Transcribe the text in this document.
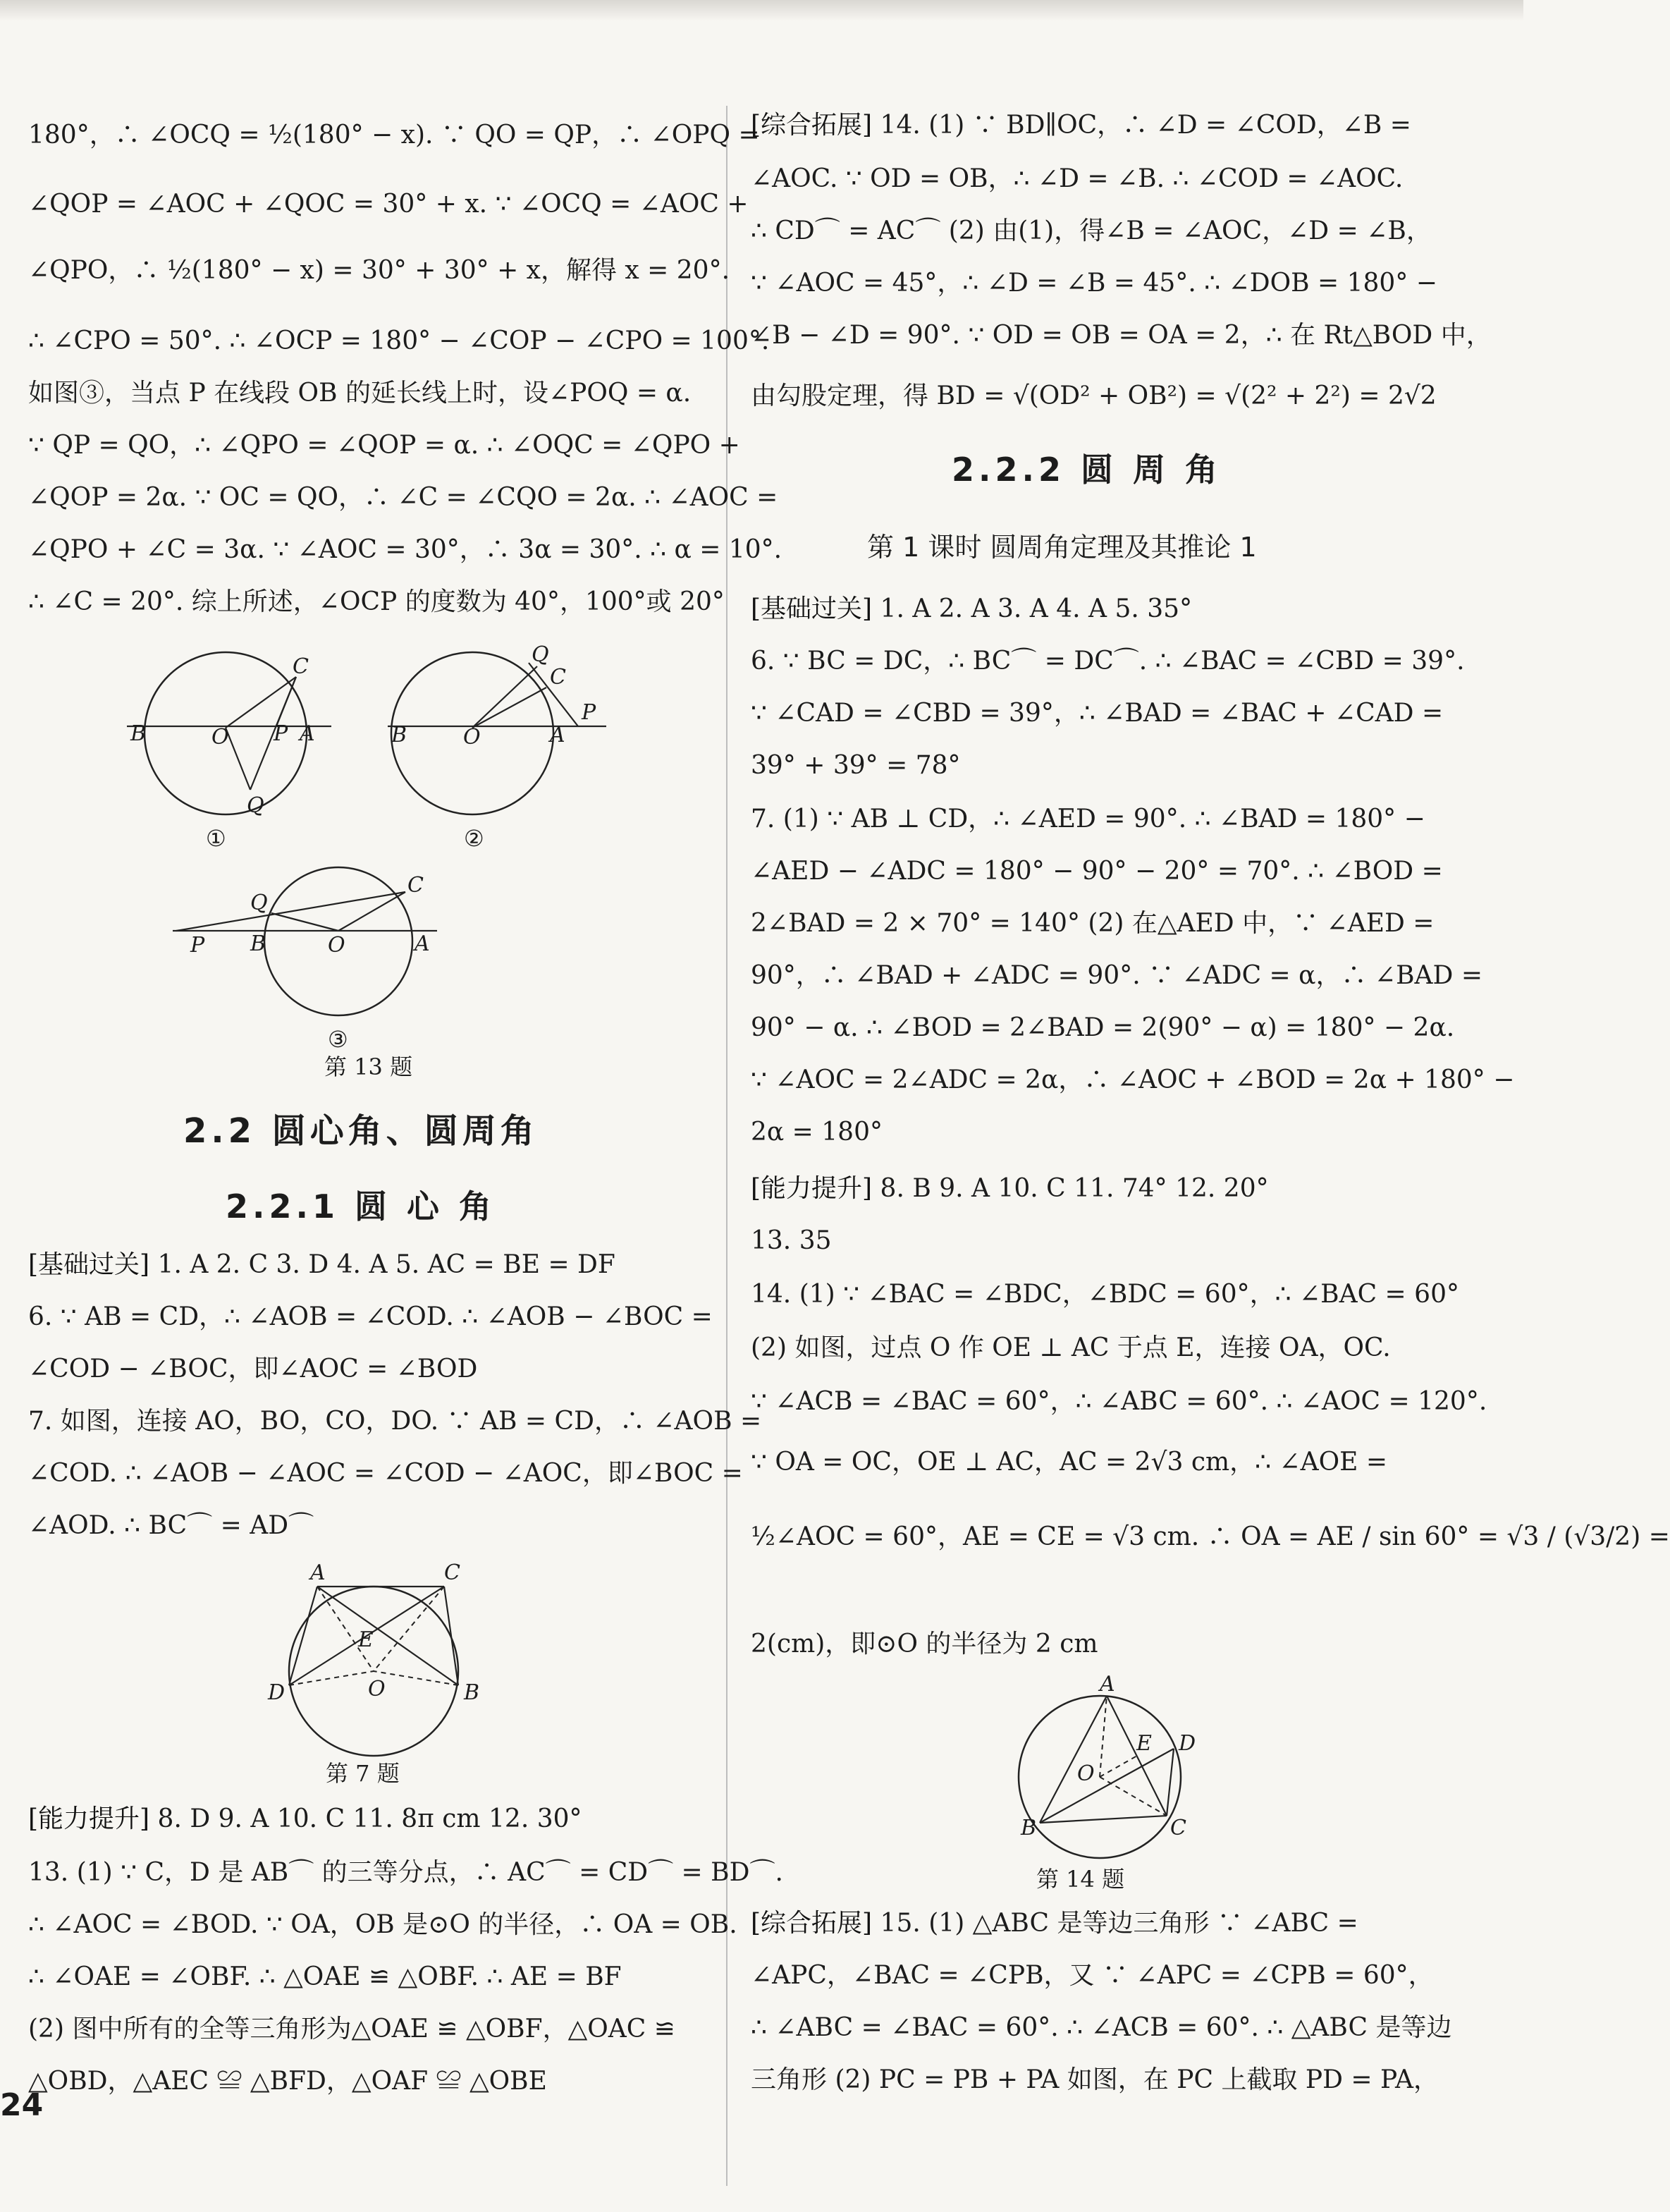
180°，∴ ∠OCQ = ½(180° − x). ∵ QO = QP，∴ ∠OPQ =
∠QOP = ∠AOC + ∠QOC = 30° + x. ∵ ∠OCQ = ∠AOC +
∠QPO，∴ ½(180° − x) = 30° + 30° + x，解得 x = 20°.
∴ ∠CPO = 50°. ∴ ∠OCP = 180° − ∠COP − ∠CPO = 100°.
如图③，当点 P 在线段 OB 的延长线上时，设∠POQ = α.
∵ QP = QO，∴ ∠QPO = ∠QOP = α. ∴ ∠OQC = ∠QPO +
∠QOP = 2α. ∵ OC = QO，∴ ∠C = ∠CQO = 2α. ∴ ∠AOC =
∠QPO + ∠C = 3α. ∵ ∠AOC = 30°，∴ 3α = 30°. ∴ α = 10°.
∴ ∠C = 20°. 综上所述，∠OCP 的度数为 40°，100°或 20°
B	O P A
C
Q
①
B	O	A
Q
C
P
②
P B	O	A
Q
C
③
第 13 题
2.2 圆心角、圆周角
2.2.1 圆 心 角
[基础过关] 1. A 2. C 3. D 4. A 5. AC = BE = DF
6. ∵ AB = CD，∴ ∠AOB = ∠COD. ∴ ∠AOB − ∠BOC =
∠COD − ∠BOC，即∠AOC = ∠BOD
7. 如图，连接 AO，BO，CO，DO. ∵ AB = CD，∴ ∠AOB =
∠COD. ∴ ∠AOB − ∠AOC = ∠COD − ∠AOC，即∠BOC =
∠AOD. ∴ BC⌒ = AD⌒
A	C
E
D	O	B
第 7 题
[能力提升] 8. D 9. A 10. C 11. 8π cm 12. 30°
13. (1) ∵ C，D 是 AB⌒ 的三等分点，∴ AC⌒ = CD⌒ = BD⌒.
∴ ∠AOC = ∠BOD. ∵ OA，OB 是⊙O 的半径，∴ OA = OB.
∴ ∠OAE = ∠OBF. ∴ △OAE ≌ △OBF. ∴ AE = BF
(2) 图中所有的全等三角形为△OAE ≌ △OBF，△OAC ≌
△OBD，△AEC ≌ △BFD，△OAF ≌ △OBE
24
[综合拓展] 14. (1) ∵ BD∥OC，∴ ∠D = ∠COD，∠B =
∠AOC. ∵ OD = OB，∴ ∠D = ∠B. ∴ ∠COD = ∠AOC.
∴ CD⌒ = AC⌒ (2) 由(1)，得∠B = ∠AOC，∠D = ∠B，
∵ ∠AOC = 45°，∴ ∠D = ∠B = 45°. ∴ ∠DOB = 180° −
∠B − ∠D = 90°. ∵ OD = OB = OA = 2，∴ 在 Rt△BOD 中，
由勾股定理，得 BD = √(OD² + OB²) = √(2² + 2²) = 2√2
2.2.2 圆 周 角
第 1 课时 圆周角定理及其推论 1
[基础过关] 1. A 2. A 3. A 4. A 5. 35°
6. ∵ BC = DC，∴ BC⌒ = DC⌒. ∴ ∠BAC = ∠CBD = 39°.
∵ ∠CAD = ∠CBD = 39°，∴ ∠BAD = ∠BAC + ∠CAD =
39° + 39° = 78°
7. (1) ∵ AB ⊥ CD，∴ ∠AED = 90°. ∴ ∠BAD = 180° −
∠AED − ∠ADC = 180° − 90° − 20° = 70°. ∴ ∠BOD =
2∠BAD = 2 × 70° = 140° (2) 在△AED 中，∵ ∠AED =
90°，∴ ∠BAD + ∠ADC = 90°. ∵ ∠ADC = α，∴ ∠BAD =
90° − α. ∴ ∠BOD = 2∠BAD = 2(90° − α) = 180° − 2α.
∵ ∠AOC = 2∠ADC = 2α，∴ ∠AOC + ∠BOD = 2α + 180° −
2α = 180°
[能力提升] 8. B 9. A 10. C 11. 74° 12. 20°
13. 35
14. (1) ∵ ∠BAC = ∠BDC，∠BDC = 60°，∴ ∠BAC = 60°
(2) 如图，过点 O 作 OE ⊥ AC 于点 E，连接 OA，OC.
∵ ∠ACB = ∠BAC = 60°，∴ ∠ABC = 60°. ∴ ∠AOC = 120°.
∵ OA = OC，OE ⊥ AC，AC = 2√3 cm，∴ ∠AOE =
½∠AOC = 60°，AE = CE = √3 cm. ∴ OA = AE / sin 60° = √3 / (√3/2) =
2(cm)，即⊙O 的半径为 2 cm
A
E D
O
B	C
第 14 题
[综合拓展] 15. (1) △ABC 是等边三角形 ∵ ∠ABC =
∠APC，∠BAC = ∠CPB，又 ∵ ∠APC = ∠CPB = 60°，
∴ ∠ABC = ∠BAC = 60°. ∴ ∠ACB = 60°. ∴ △ABC 是等边
三角形 (2) PC = PB + PA 如图，在 PC 上截取 PD = PA，
